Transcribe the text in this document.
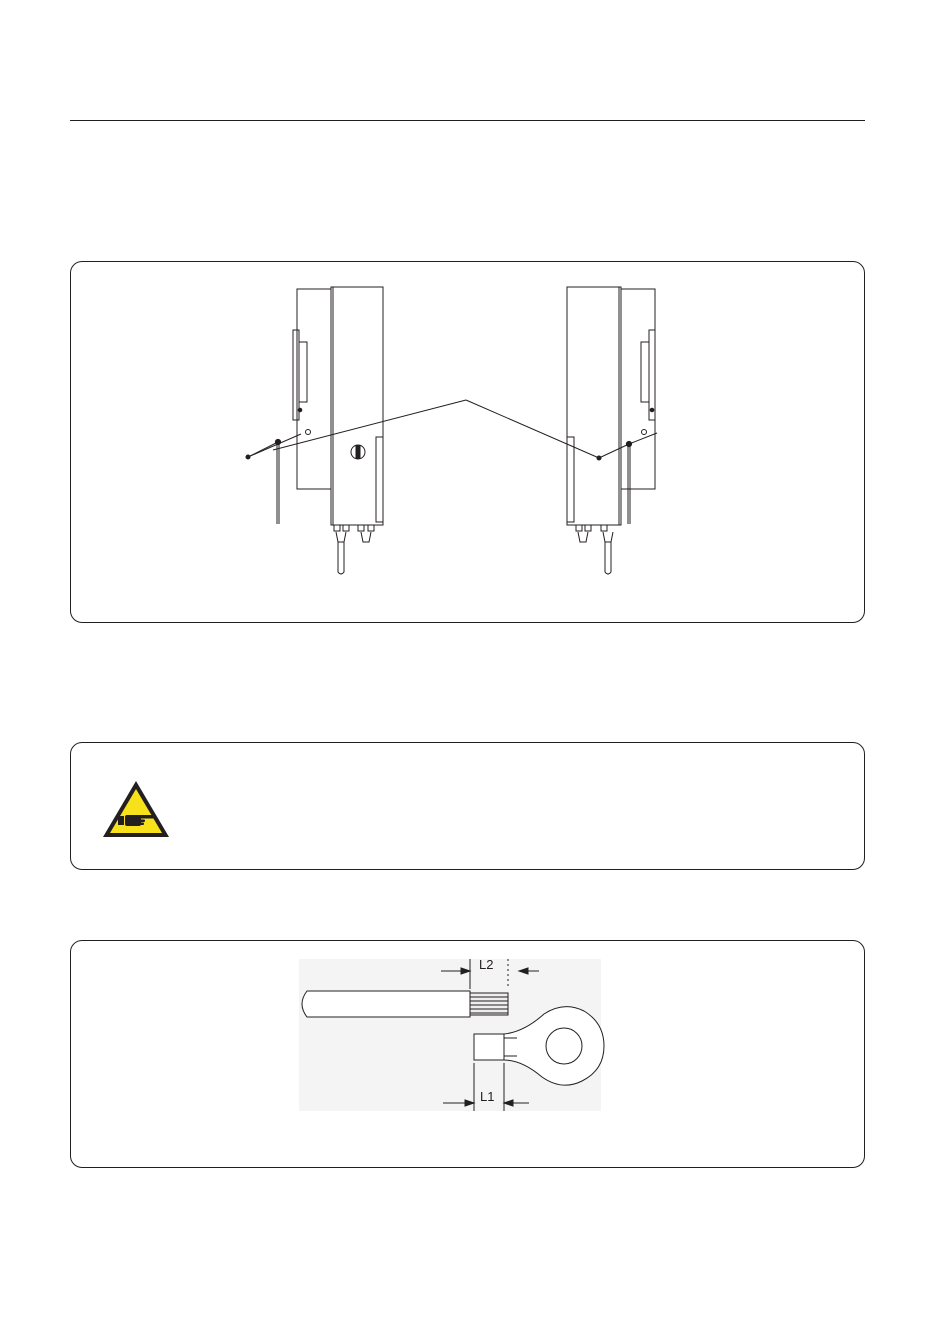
L2
L1
